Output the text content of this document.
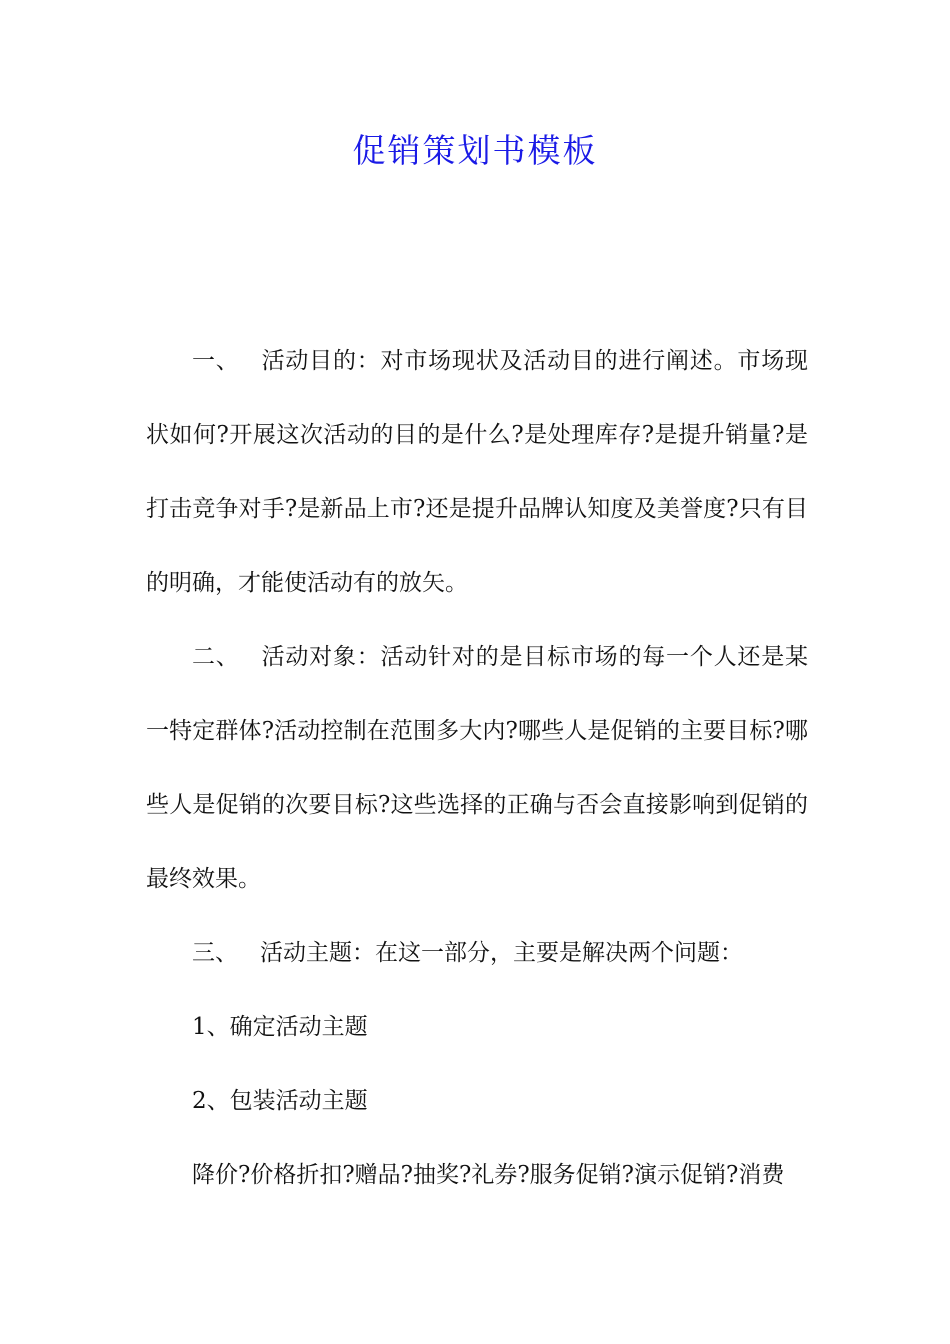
促销策划书模板

一、 活动目的：对市场现状及活动目的进行阐述。市场现状如何?开展这次活动的目的是什么?是处理库存?是提升销量?是打击竞争对手?是新品上市?还是提升品牌认知度及美誉度?只有目的明确，才能使活动有的放矢。

二、 活动对象：活动针对的是目标市场的每一个人还是某一特定群体?活动控制在范围多大内?哪些人是促销的主要目标?哪些人是促销的次要目标?这些选择的正确与否会直接影响到促销的最终效果。

三、 活动主题：在这一部分，主要是解决两个问题：

1、确定活动主题

2、包装活动主题

降价?价格折扣?赠品?抽奖?礼券?服务促销?演示促销?消费
